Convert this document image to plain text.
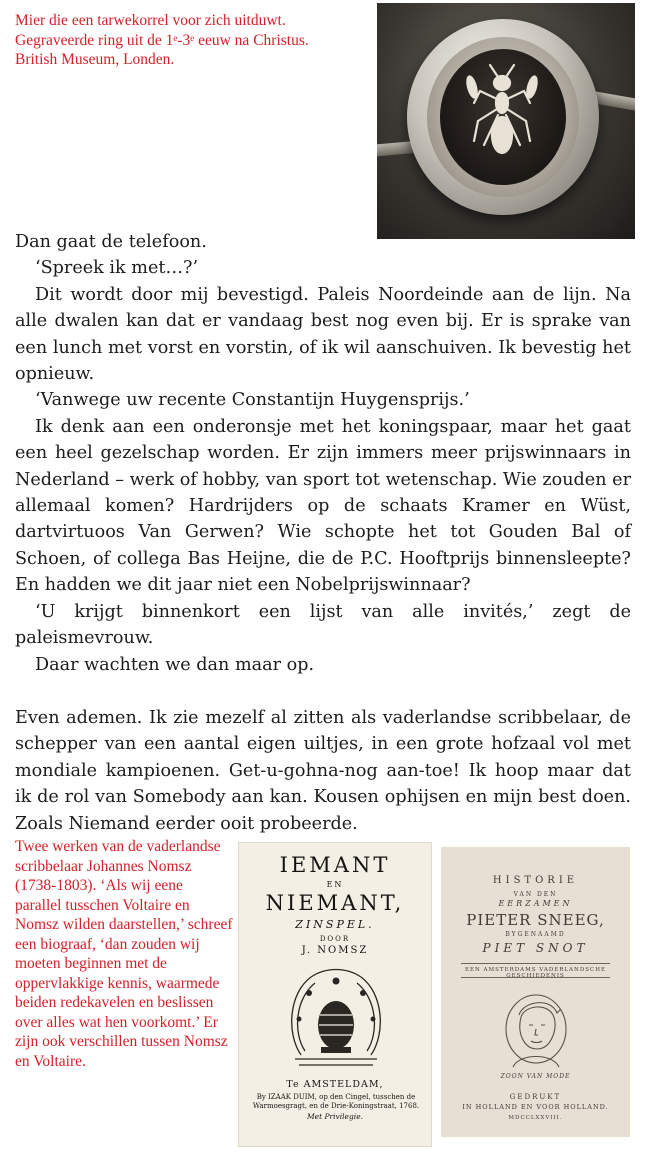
Mier die een tarwekorrel voor zich uitduwt.
Gegraveerde ring uit de 1ᵉ-3ᵉ eeuw na Christus.
British Museum, Londen.

Dan gaat de telefoon.

‘Spreek ik met…?’

Dit wordt door mij bevestigd. Paleis Noordeinde aan de lijn. Na alle dwalen kan dat er vandaag best nog even bij. Er is sprake van een lunch met vorst en vorstin, of ik wil aanschuiven. Ik bevestig het opnieuw.

‘Vanwege uw recente Constantijn Huygensprijs.’

Ik denk aan een onderonsje met het koningspaar, maar het gaat een heel gezelschap worden. Er zijn immers meer prijswinnaars in Nederland – werk of hobby, van sport tot wetenschap. Wie zouden er allemaal komen? Hardrijders op de schaats Kramer en Wüst, dartvirtuoos Van Gerwen? Wie schopte het tot Gouden Bal of Schoen, of collega Bas Heijne, die de P.C. Hooftprijs binnensleepte? En hadden we dit jaar niet een Nobelprijswinnaar?

‘U krijgt binnenkort een lijst van alle invités,’ zegt de paleismevrouw.

Daar wachten we dan maar op.

Even ademen. Ik zie mezelf al zitten als vaderlandse scribbelaar, de schepper van een aantal eigen uiltjes, in een grote hofzaal vol met mondiale kampioenen. Get-u-gohna-nog aan-toe! Ik hoop maar dat ik de rol van Somebody aan kan. Kousen ophijsen en mijn best doen. Zoals Niemand eerder ooit probeerde.

Twee werken van de vaderlandse scribbelaar Johannes Nomsz (1738-1803). ‘Als wij eene parallel tusschen Voltaire en Nomsz wilden daarstellen,’ schreef een biograaf, ‘dan zouden wij moeten beginnen met de oppervlakkige kennis, waarmede beiden redekavelen en beslissen over alles wat hen voorkomt.’ Er zijn ook verschillen tussen Nomsz en Voltaire.

IEMANT
EN
NIEMANT,
ZINSPEL.
DOOR
J. NOMSZ
Te AMSTELDAM,
By IZAAK DUIM, op den Cingel, tusschen de Warmoesgragt, en de Drie-Koningstraat, 1768.
Met Privilegie.
HISTORIE
VAN DEN
EERZAMEN
PIETER SNEEG,
BYGENAAMD
PIET SNOT
EEN AMSTERDAMS VADERLANDSCHE GESCHIEDENIS
ZOON VAN MODE
GEDRUKT
IN HOLLAND EN VOOR HOLLAND.
MDCCLXXVIII.
